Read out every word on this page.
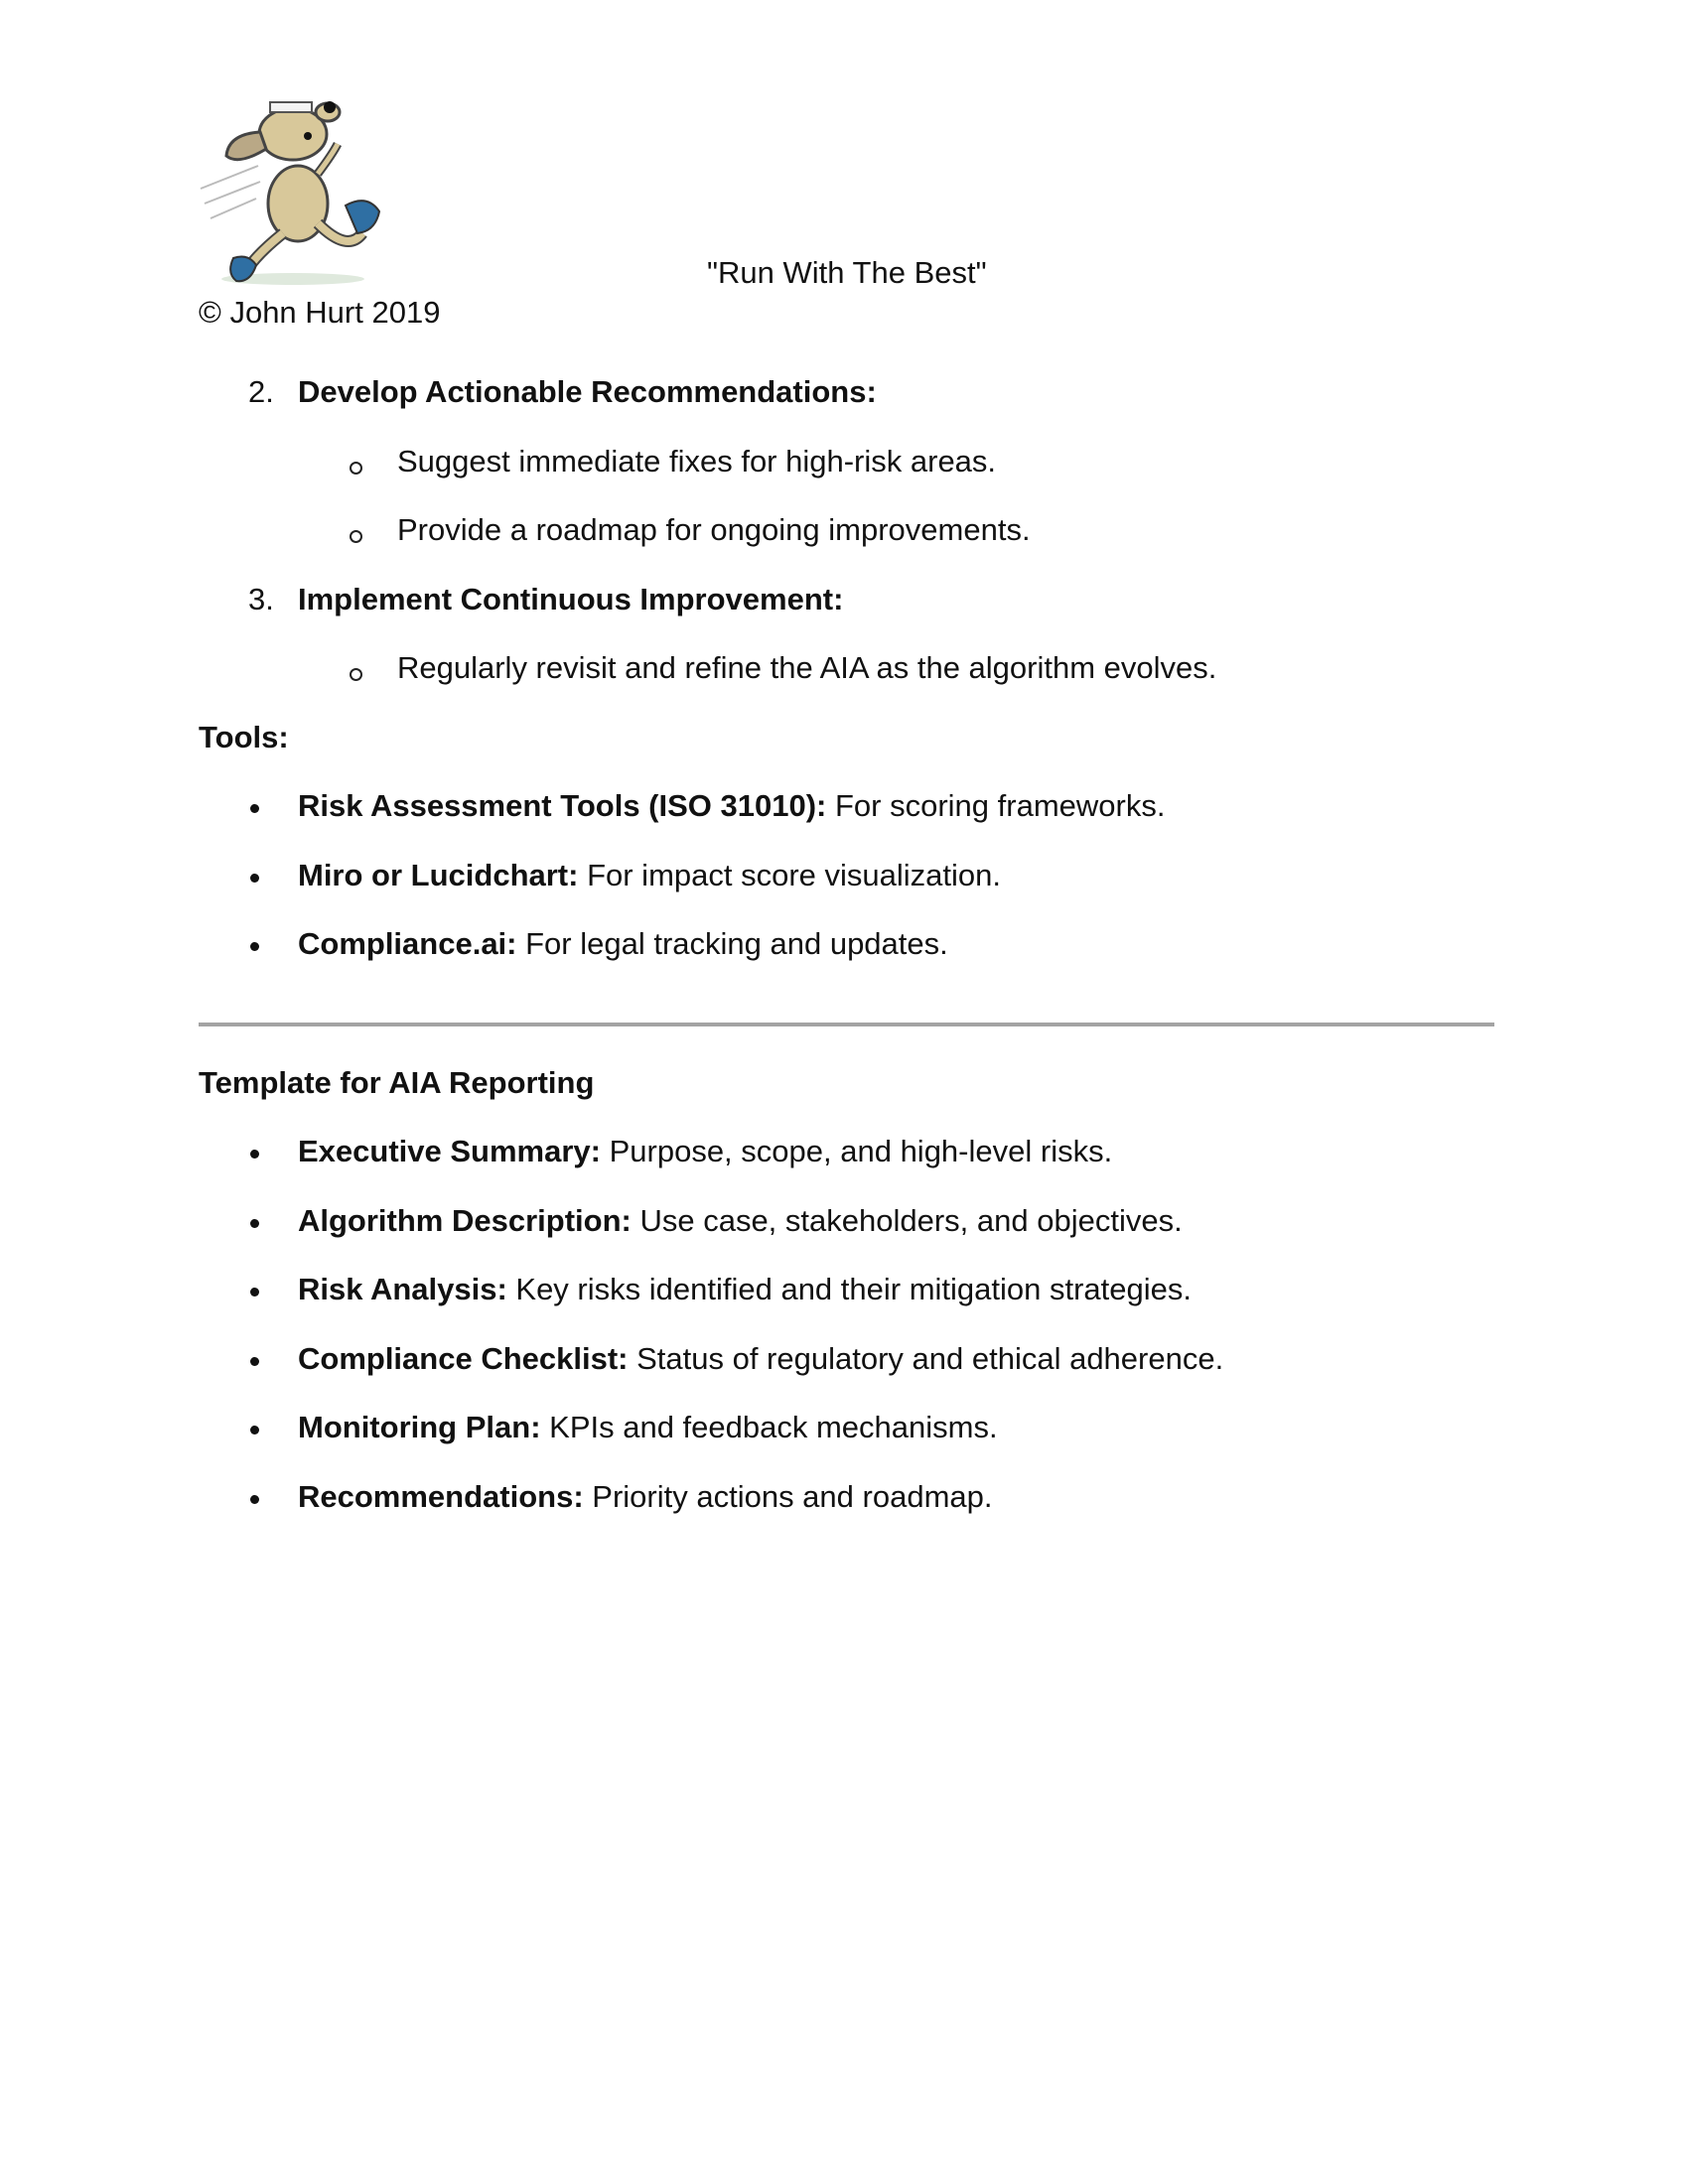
"Run With The Best"
© John Hurt 2019
2. Develop Actionable Recommendations:
Suggest immediate fixes for high-risk areas.
Provide a roadmap for ongoing improvements.
3. Implement Continuous Improvement:
Regularly revisit and refine the AIA as the algorithm evolves.
Tools:
Risk Assessment Tools (ISO 31010): For scoring frameworks.
Miro or Lucidchart: For impact score visualization.
Compliance.ai: For legal tracking and updates.
Template for AIA Reporting
Executive Summary: Purpose, scope, and high-level risks.
Algorithm Description: Use case, stakeholders, and objectives.
Risk Analysis: Key risks identified and their mitigation strategies.
Compliance Checklist: Status of regulatory and ethical adherence.
Monitoring Plan: KPIs and feedback mechanisms.
Recommendations: Priority actions and roadmap.
